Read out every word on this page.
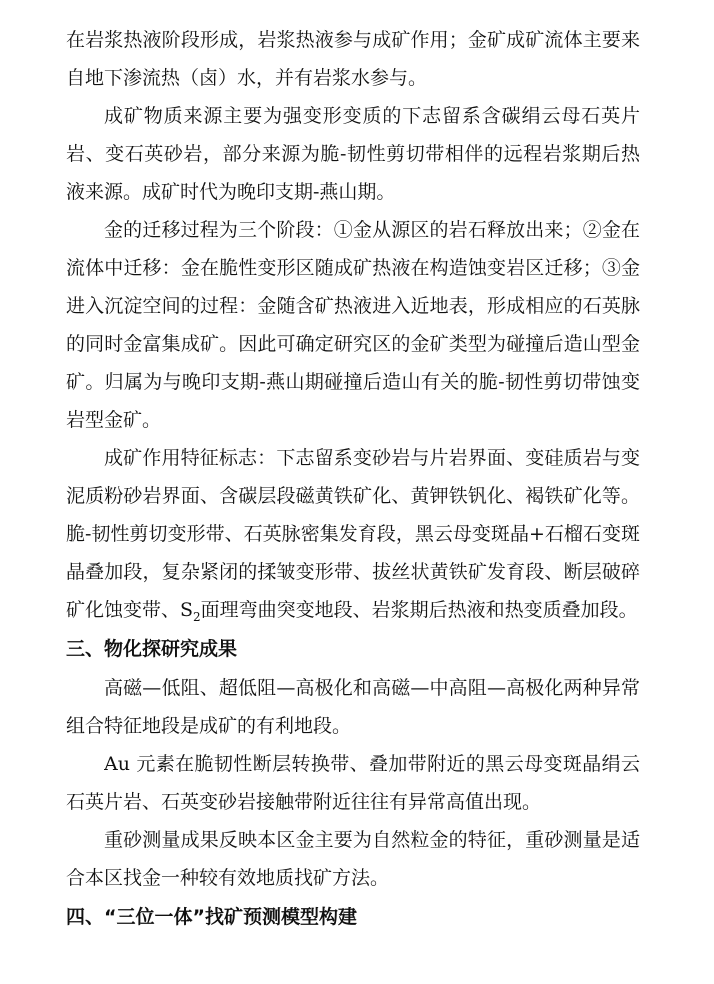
在岩浆热液阶段形成，岩浆热液参与成矿作用；金矿成矿流体主要来
自地下渗流热（卤）水，并有岩浆水参与。
成矿物质来源主要为强变形变质的下志留系含碳绢云母石英片
岩、变石英砂岩，部分来源为脆-韧性剪切带相伴的远程岩浆期后热
液来源。成矿时代为晚印支期-燕山期。
金的迁移过程为三个阶段：①金从源区的岩石释放出来；②金在
流体中迁移：金在脆性变形区随成矿热液在构造蚀变岩区迁移；③金
进入沉淀空间的过程：金随含矿热液进入近地表，形成相应的石英脉
的同时金富集成矿。因此可确定研究区的金矿类型为碰撞后造山型金
矿。归属为与晚印支期-燕山期碰撞后造山有关的脆-韧性剪切带蚀变
岩型金矿。
成矿作用特征标志：下志留系变砂岩与片岩界面、变硅质岩与变
泥质粉砂岩界面、含碳层段磁黄铁矿化、黄钾铁钒化、褐铁矿化等。
脆-韧性剪切变形带、石英脉密集发育段，黑云母变斑晶+石榴石变斑
晶叠加段，复杂紧闭的揉皱变形带、拔丝状黄铁矿发育段、断层破碎
矿化蚀变带、$S_2$面理弯曲突变地段、岩浆期后热液和热变质叠加段。
三、物化探研究成果
高磁—低阻、超低阻—高极化和高磁—中高阻—高极化两种异常
组合特征地段是成矿的有利地段。
Au 元素在脆韧性断层转换带、叠加带附近的黑云母变斑晶绢云
石英片岩、石英变砂岩接触带附近往往有异常高值出现。
重砂测量成果反映本区金主要为自然粒金的特征，重砂测量是适
合本区找金一种较有效地质找矿方法。
四、“三位一体”找矿预测模型构建
